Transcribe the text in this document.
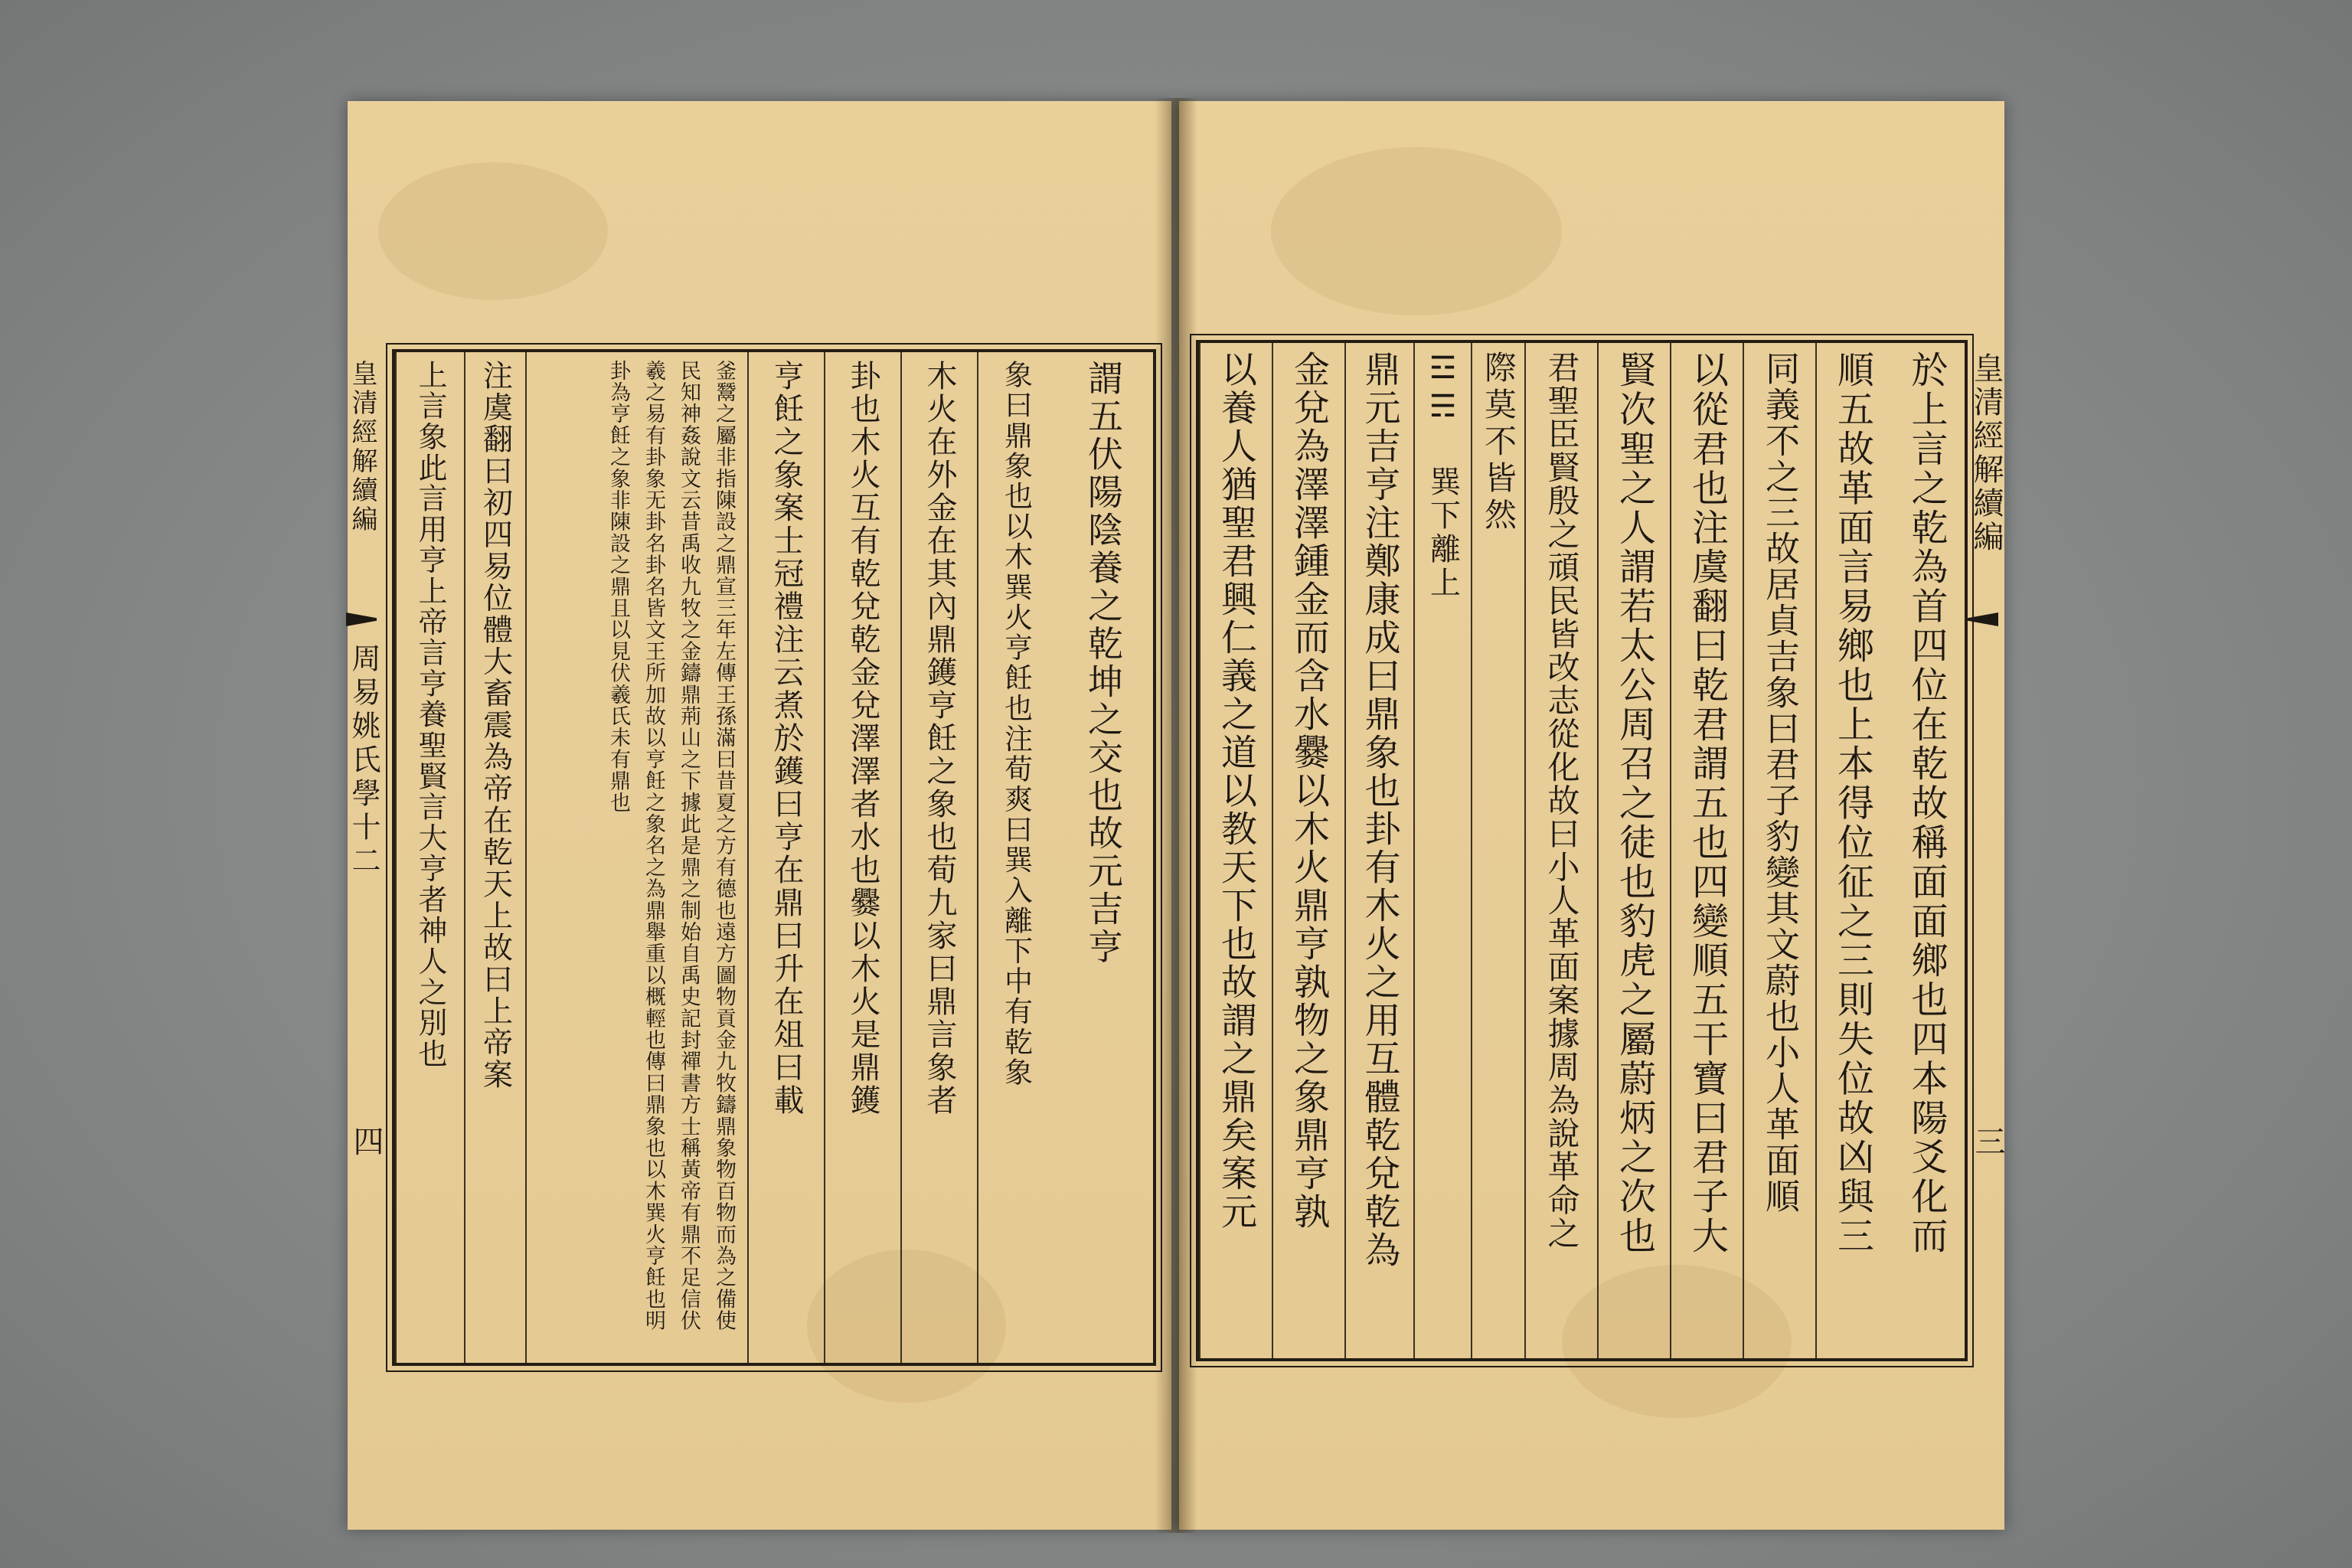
謂五伏陽陰養之乾坤之交也故元吉亨
象曰鼎象也以木巽火亨飪也注荀爽曰巽入離下中有乾象
木火在外金在其內鼎鑊亨飪之象也荀九家曰鼎言象者
卦也木火互有乾兌乾金兌澤澤者水也爨以木火是鼎鑊
亨飪之象案士冠禮注云煮於鑊曰亨在鼎曰升在俎曰載
釜鬵之屬非指陳設之鼎宣三年左傳王孫滿曰昔夏之方有德也遠方圖物貢金九牧鑄鼎象物百物而為之備使民知神姦說文云昔禹收九牧之金鑄鼎荊山之下據此是鼎之制始自禹史記封禪書方士稱黃帝有鼎不足信伏羲之易有卦象无卦名卦名皆文王所加故以亨飪之象名之為鼎舉重以概輕也傳曰鼎象也以木巽火亨飪也明卦為亨飪之象非陳設之鼎且以見伏羲氏未有鼎也
注虞翻曰初四易位體大畜震為帝在乾天上故曰上帝案
上言象此言用亨上帝言亨養聖賢言大亨者神人之別也
皇清經解續編
周易姚氏學十二
四	於上言之乾為首四位在乾故稱面面鄉也四本陽爻化而
順五故革面言易鄉也上本得位征之三則失位故凶與三
同義不之三故居貞吉象曰君子豹變其文蔚也小人革面順
以從君也注虞翻曰乾君謂五也四變順五干寶曰君子大
賢次聖之人謂若太公周召之徒也豹虎之屬蔚炳之次也
君聖臣賢殷之頑民皆改志從化故曰小人革面案據周為說革命之
際莫不皆然
☲☴ 巽下離上
鼎元吉亨注鄭康成曰鼎象也卦有木火之用互體乾兌乾為
金兌為澤澤鍾金而含水爨以木火鼎亨孰物之象鼎亨孰
以養人猶聖君興仁義之道以教天下也故謂之鼎矣案元	皇清經解續編
三
